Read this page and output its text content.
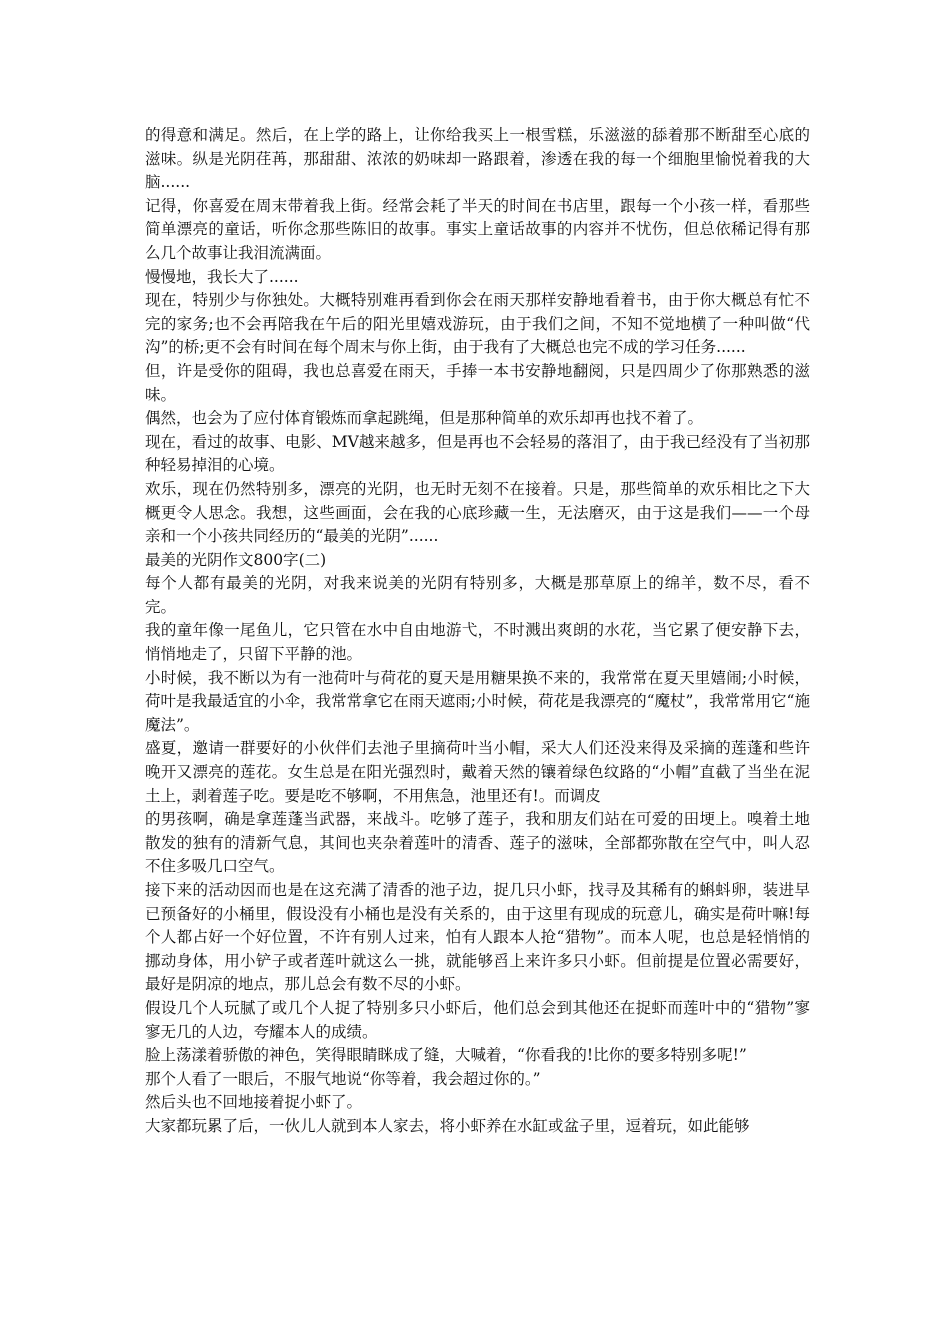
的得意和满足。然后，在上学的路上，让你给我买上一根雪糕，乐滋滋的舔着那不断甜至心底的滋味。纵是光阴荏苒，那甜甜、浓浓的奶味却一路跟着，渗透在我的每一个细胞里愉悦着我的大脑......

记得，你喜爱在周末带着我上街。经常会耗了半天的时间在书店里，跟每一个小孩一样，看那些简单漂亮的童话，听你念那些陈旧的故事。事实上童话故事的内容并不忧伤，但总依稀记得有那么几个故事让我泪流满面。

慢慢地，我长大了......

现在，特别少与你独处。大概特别难再看到你会在雨天那样安静地看着书，由于你大概总有忙不完的家务;也不会再陪我在午后的阳光里嬉戏游玩，由于我们之间，不知不觉地横了一种叫做“代沟”的桥;更不会有时间在每个周末与你上街，由于我有了大概总也完不成的学习任务......

但，许是受你的阻碍，我也总喜爱在雨天，手捧一本书安静地翻阅，只是四周少了你那熟悉的滋味。

偶然，也会为了应付体育锻炼而拿起跳绳，但是那种简单的欢乐却再也找不着了。

现在，看过的故事、电影、MV越来越多，但是再也不会轻易的落泪了，由于我已经没有了当初那种轻易掉泪的心境。

欢乐，现在仍然特别多，漂亮的光阴，也无时无刻不在接着。只是，那些简单的欢乐相比之下大概更令人思念。我想，这些画面，会在我的心底珍藏一生，无法磨灭，由于这是我们——一个母亲和一个小孩共同经历的“最美的光阴”......

最美的光阴作文800字(二)

每个人都有最美的光阴，对我来说美的光阴有特别多，大概是那草原上的绵羊，数不尽，看不完。

我的童年像一尾鱼儿，它只管在水中自由地游弋，不时溅出爽朗的水花，当它累了便安静下去，悄悄地走了，只留下平静的池。

小时候，我不断以为有一池荷叶与荷花的夏天是用糖果换不来的，我常常在夏天里嬉闹;小时候，荷叶是我最适宜的小伞，我常常拿它在雨天遮雨;小时候，荷花是我漂亮的“魔杖”，我常常用它“施魔法”。

盛夏，邀请一群要好的小伙伴们去池子里摘荷叶当小帽，采大人们还没来得及采摘的莲蓬和些许晚开又漂亮的莲花。女生总是在阳光强烈时，戴着天然的镶着绿色纹路的“小帽”直截了当坐在泥土上，剥着莲子吃。要是吃不够啊，不用焦急，池里还有!。而调皮

的男孩啊，确是拿莲蓬当武器，来战斗。吃够了莲子，我和朋友们站在可爱的田埂上。嗅着土地散发的独有的清新气息，其间也夹杂着莲叶的清香、莲子的滋味，全部都弥散在空气中，叫人忍不住多吸几口空气。

接下来的活动因而也是在这充满了清香的池子边，捉几只小虾，找寻及其稀有的蝌蚪卵，装进早已预备好的小桶里，假设没有小桶也是没有关系的，由于这里有现成的玩意儿，确实是荷叶嘛!每个人都占好一个好位置，不许有别人过来，怕有人跟本人抢“猎物”。而本人呢，也总是轻悄悄的挪动身体，用小铲子或者莲叶就这么一挑，就能够舀上来许多只小虾。但前提是位置必需要好，最好是阴凉的地点，那儿总会有数不尽的小虾。

假设几个人玩腻了或几个人捉了特别多只小虾后，他们总会到其他还在捉虾而莲叶中的“猎物”寥寥无几的人边，夸耀本人的成绩。

脸上荡漾着骄傲的神色，笑得眼睛眯成了缝，大喊着，“你看我的!比你的要多特别多呢!”

那个人看了一眼后，不服气地说“你等着，我会超过你的。”

然后头也不回地接着捉小虾了。

大家都玩累了后，一伙儿人就到本人家去，将小虾养在水缸或盆子里，逗着玩，如此能够
